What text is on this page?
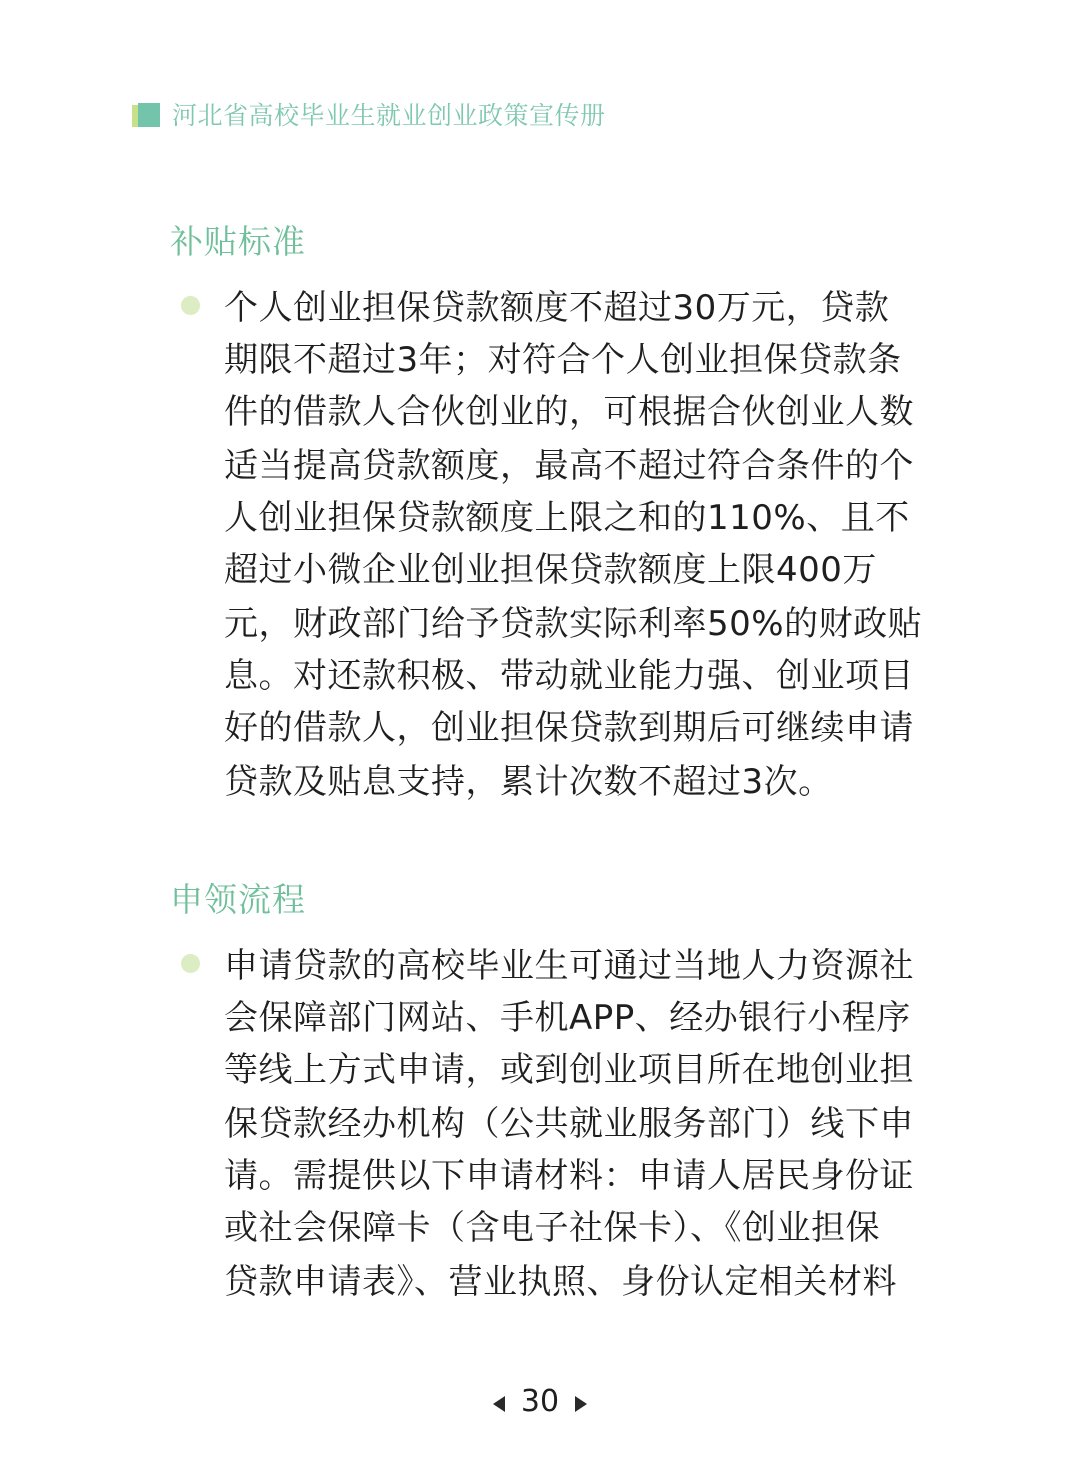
河北省高校毕业生就业创业政策宣传册
补贴标准
个人创业担保贷款额度不超过30万元，贷款
期限不超过3年；对符合个人创业担保贷款条
件的借款人合伙创业的，可根据合伙创业人数
适当提高贷款额度，最高不超过符合条件的个
人创业担保贷款额度上限之和的110%、且不
超过小微企业创业担保贷款额度上限400万
元，财政部门给予贷款实际利率50%的财政贴
息。对还款积极、带动就业能力强、创业项目
好的借款人，创业担保贷款到期后可继续申请
贷款及贴息支持，累计次数不超过3次。
申领流程
申请贷款的高校毕业生可通过当地人力资源社
会保障部门网站、手机APP、经办银行小程序
等线上方式申请，或到创业项目所在地创业担
保贷款经办机构（公共就业服务部门）线下申
请。需提供以下申请材料：申请人居民身份证
或社会保障卡（含电子社保卡）、《创业担保
贷款申请表》、营业执照、身份认定相关材料
30
